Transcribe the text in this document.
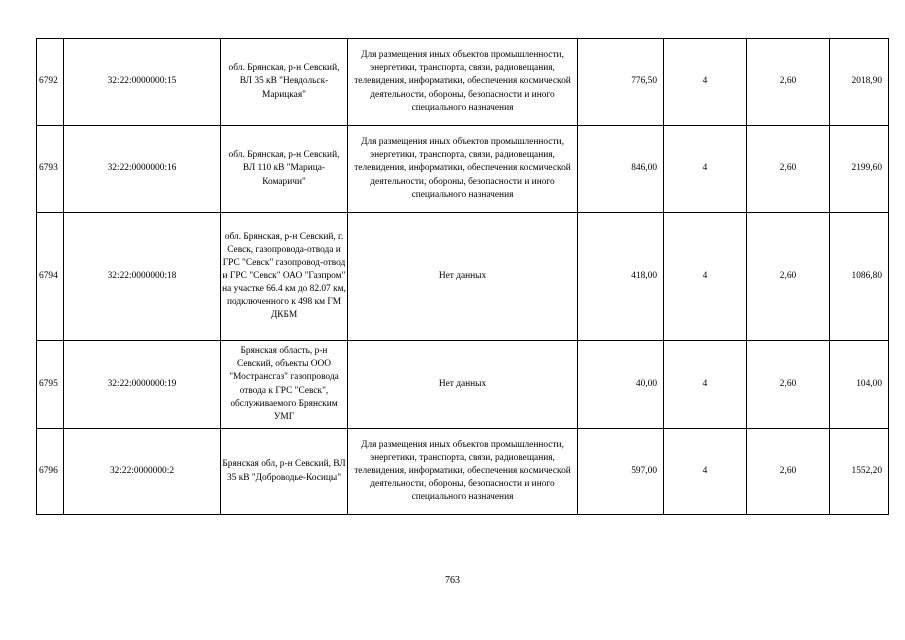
6792	32:22:0000000:15	обл. Брянская, р-н Севский, ВЛ 35 кВ "Невдольск-Марицкая"	Для размещения иных объектов промышленности, энергетики, транспорта, связи, радиовещания, телевидения, информатики, обеспечения космической деятельности, обороны, безопасности и иного специального назначения	776,50	4	2,60	2018,90
6793	32:22:0000000:16	обл. Брянская, р-н Севский, ВЛ 110 кВ "Марица-Комаричи"	Для размещения иных объектов промышленности, энергетики, транспорта, связи, радиовещания, телевидения, информатики, обеспечения космической деятельности, обороны, безопасности и иного специального назначения	846,00	4	2,60	2199,60
6794	32:22:0000000:18	обл. Брянская, р-н Севский, г. Севск, газопровода-отвода и ГРС "Севск" газопровод-отвод и ГРС "Севск" ОАО "Газпром" на участке 66.4 км до 82.07 км, подключенного к 498 км ГМ ДКБМ	Нет данных	418,00	4	2,60	1086,80
6795	32:22:0000000:19	Брянская область, р-н Севский, объекты ООО "Мострансгаз" газопровода отвода к ГРС "Севск", обслуживаемого Брянским УМГ	Нет данных	40,00	4	2,60	104,00
6796	32:22:0000000:2	Брянская обл, р-н Севский, ВЛ 35 кВ "Доброводье-Косицы"	Для размещения иных объектов промышленности, энергетики, транспорта, связи, радиовещания, телевидения, информатики, обеспечения космической деятельности, обороны, безопасности и иного специального назначения	597,00	4	2,60	1552,20
763
